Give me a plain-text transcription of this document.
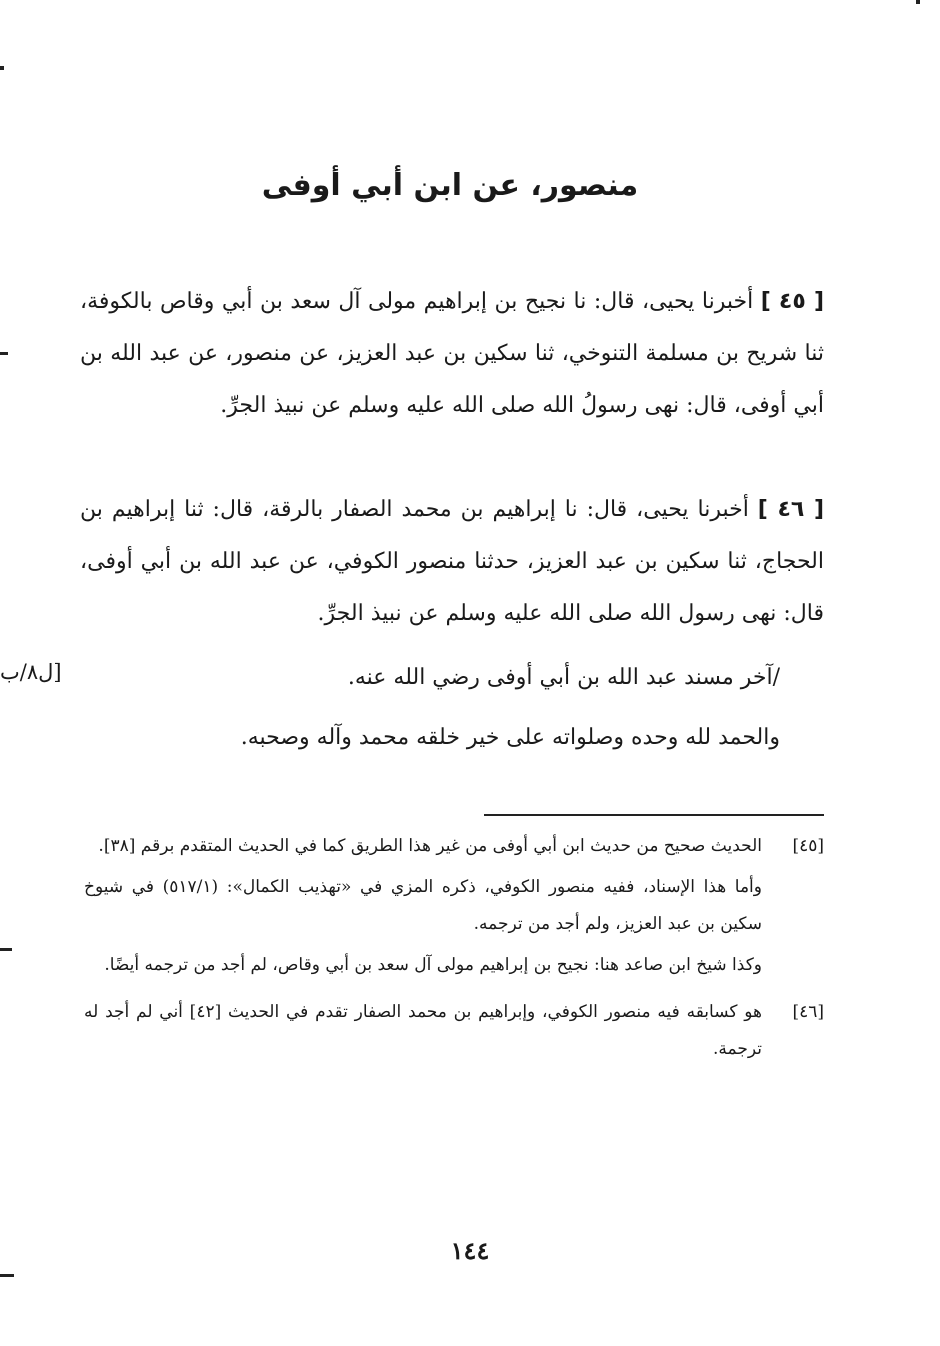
منصور، عن ابن أبي أوفى
[ ٤٥ ] أخبرنا يحيى، قال: نا نجيح بن إبراهيم مولى آل سعد بن أبي وقاص بالكوفة، ثنا شريح بن مسلمة التنوخي، ثنا سكين بن عبد العزيز، عن منصور، عن عبد الله بن أبي أوفى، قال: نهى رسولُ الله صلى الله عليه وسلم عن نبيذ الجرِّ.
[ ٤٦ ] أخبرنا يحيى، قال: نا إبراهيم بن محمد الصفار بالرقة، قال: ثنا إبراهيم بن الحجاج، ثنا سكين بن عبد العزيز، حدثنا منصور الكوفي، عن عبد الله بن أبي أوفى، قال: نهى رسول الله صلى الله عليه وسلم عن نبيذ الجرِّ.
/آخر مسند عبد الله بن أبي أوفى رضي الله عنه.
والحمد لله وحده وصلواته على خير خلقه محمد وآله وصحبه.
[ل٨/ب
[٤٥]

الحديث صحيح من حديث ابن أبي أوفى من غير هذا الطريق كما في الحديث المتقدم برقم [٣٨].

وأما هذا الإسناد، ففيه منصور الكوفي، ذكره المزي في «تهذيب الكمال»: (٥١٧/١) في شيوخ سكين بن عبد العزيز، ولم أجد من ترجمه.

وكذا شيخ ابن صاعد هنا: نجيح بن إبراهيم مولى آل سعد بن أبي وقاص، لم أجد من ترجمه أيضًا.

[٤٦]

هو كسابقه فيه منصور الكوفي، وإبراهيم بن محمد الصفار تقدم في الحديث [٤٢] أني لم أجد له ترجمة.

١٤٤
